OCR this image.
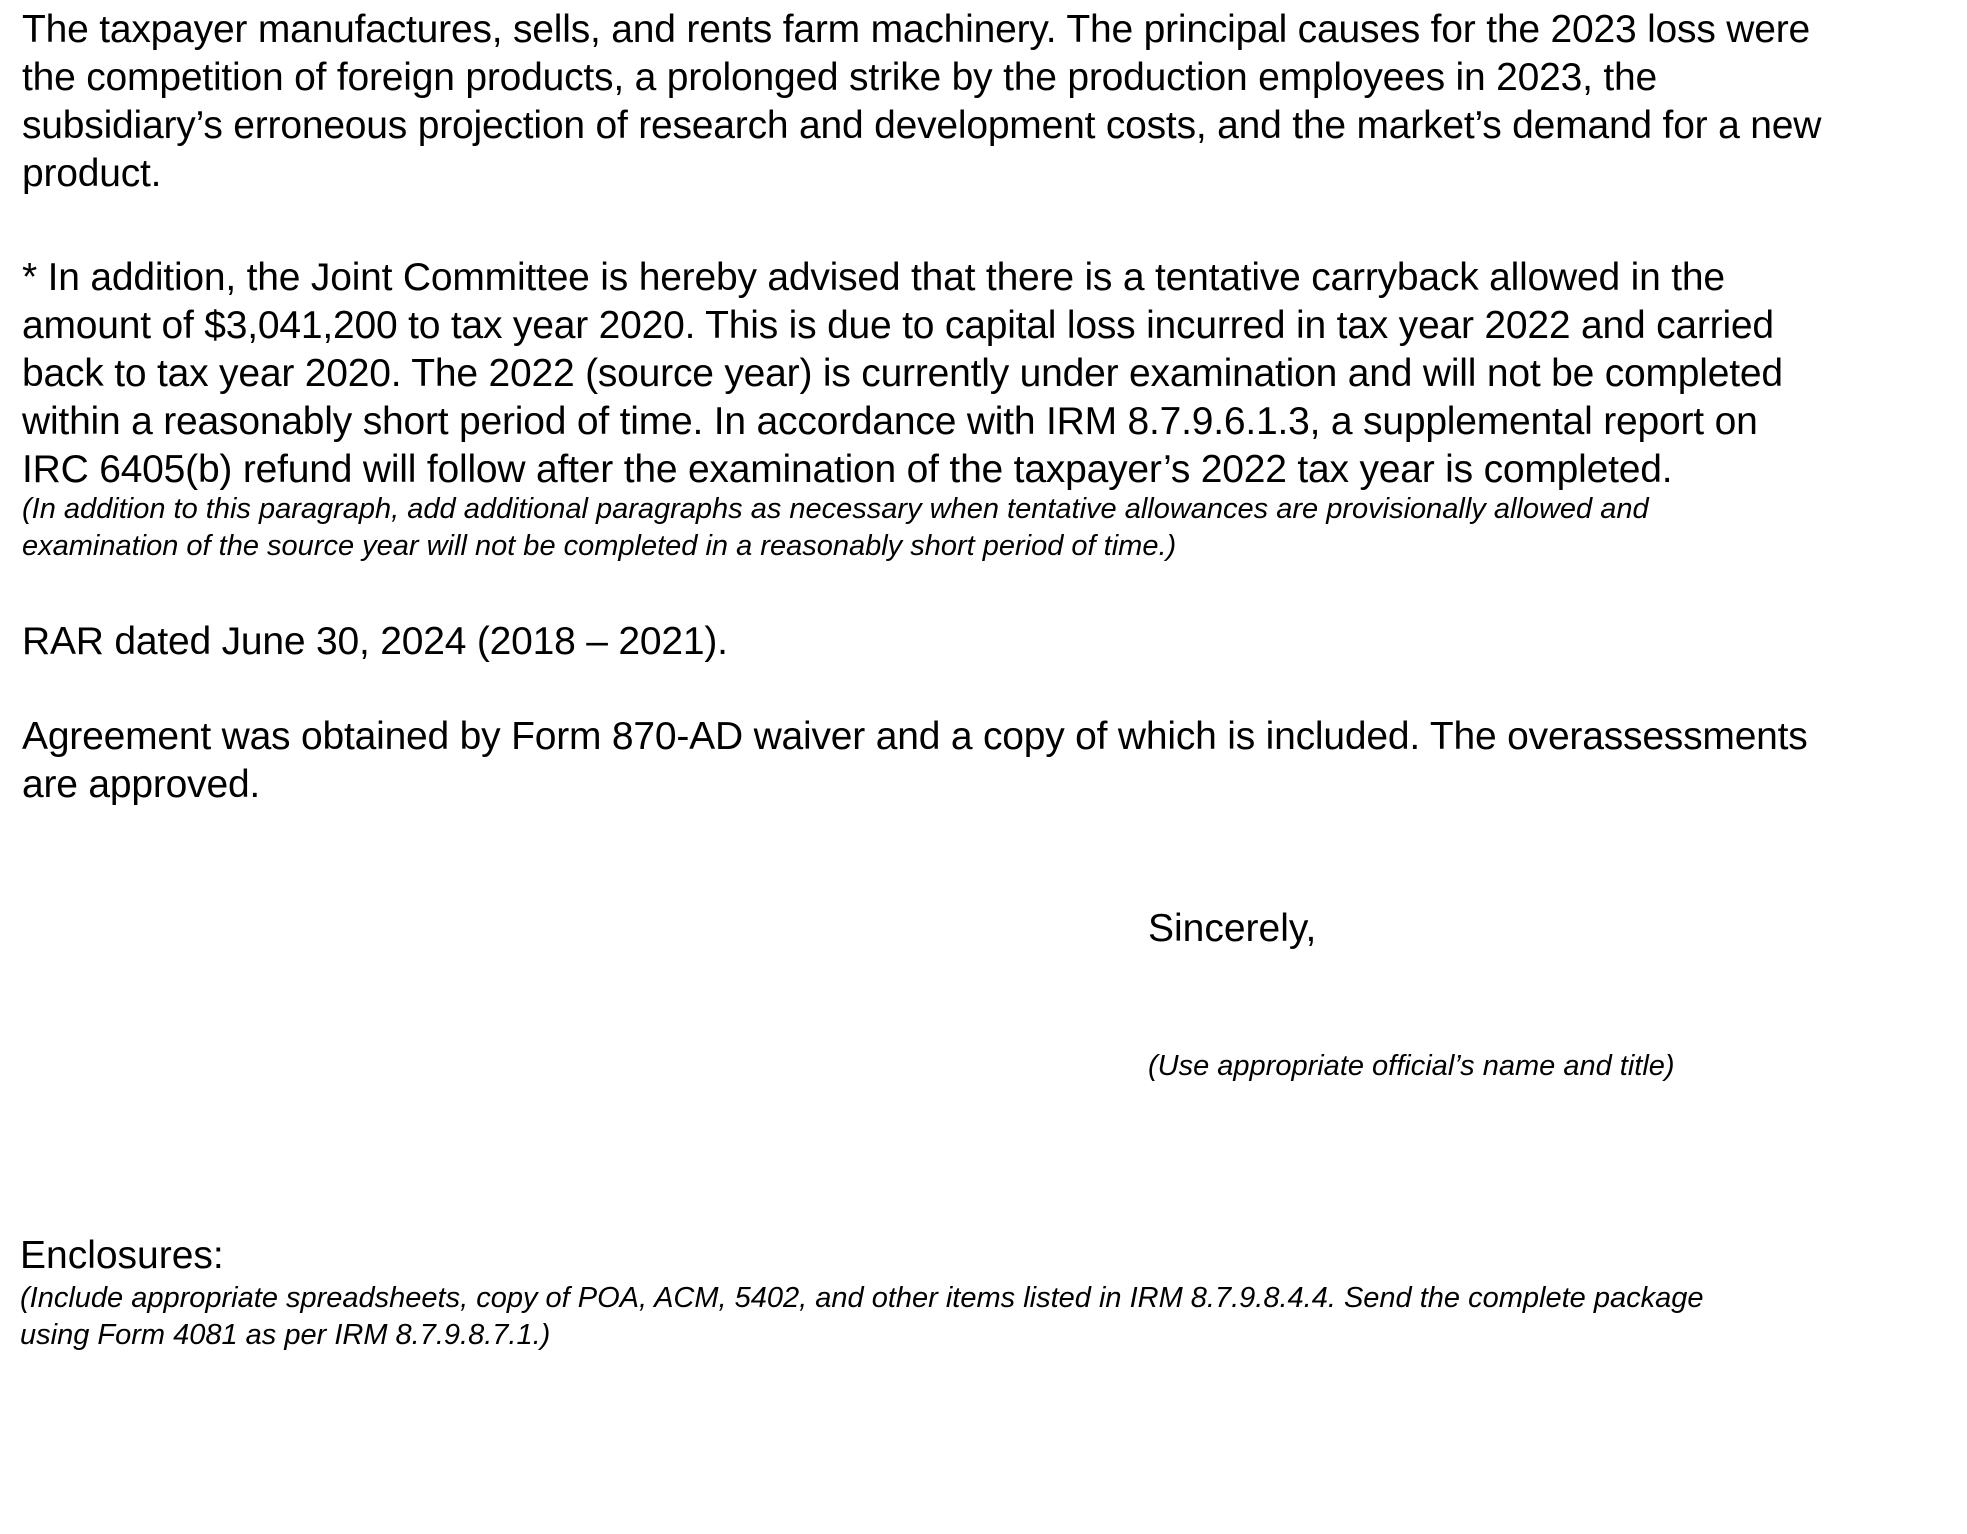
The taxpayer manufactures, sells, and rents farm machinery. The principal causes for the 2023 loss were
the competition of foreign products, a prolonged strike by the production employees in 2023, the
subsidiary’s erroneous projection of research and development costs, and the market’s demand for a new
product.

* In addition, the Joint Committee is hereby advised that there is a tentative carryback allowed in the
amount of $3,041,200 to tax year 2020. This is due to capital loss incurred in tax year 2022 and carried
back to tax year 2020. The 2022 (source year) is currently under examination and will not be completed
within a reasonably short period of time. In accordance with IRM 8.7.9.6.1.3, a supplemental report on
IRC 6405(b) refund will follow after the examination of the taxpayer’s 2022 tax year is completed.

(In addition to this paragraph, add additional paragraphs as necessary when tentative allowances are provisionally allowed and
examination of the source year will not be completed in a reasonably short period of time.)

RAR dated June 30, 2024 (2018 – 2021).

Agreement was obtained by Form 870-AD waiver and a copy of which is included. The overassessments
are approved.

Sincerely,
(Use appropriate official’s name and title)
Enclosures:

(Include appropriate spreadsheets, copy of POA, ACM, 5402, and other items listed in IRM 8.7.9.8.4.4. Send the complete package
using Form 4081 as per IRM 8.7.9.8.7.1.)
